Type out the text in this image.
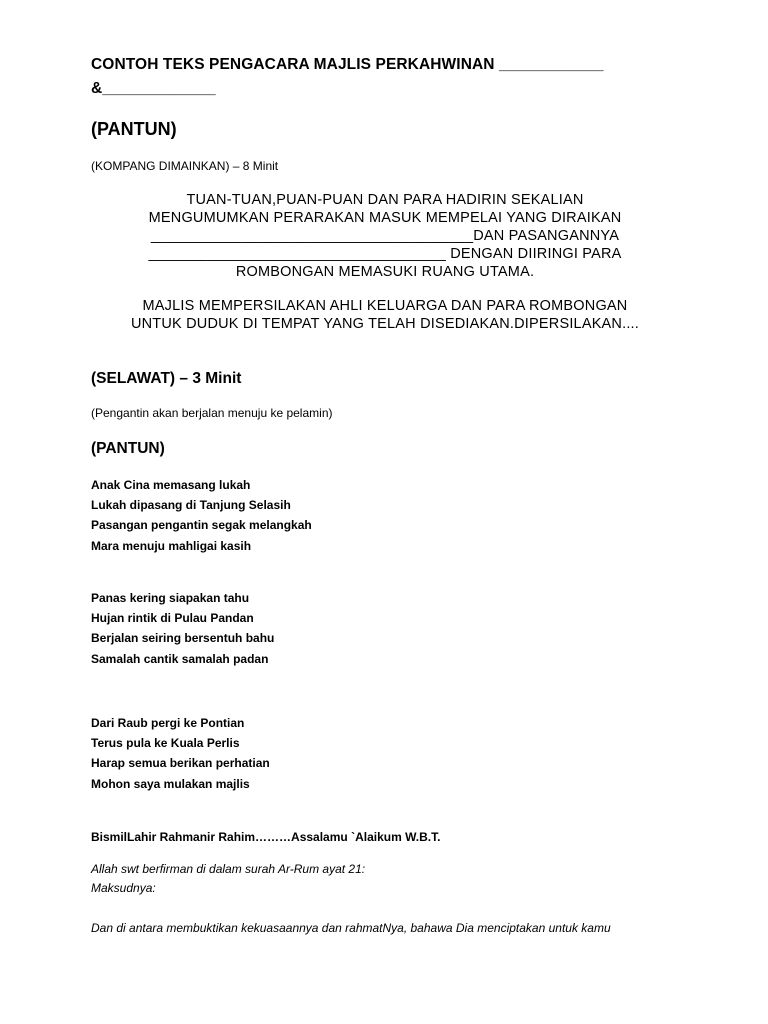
CONTOH TEKS PENGACARA MAJLIS PERKAHWINAN ____________
&_____________
(PANTUN)
(KOMPANG DIMAINKAN) – 8 Minit
TUAN-TUAN,PUAN-PUAN DAN PARA HADIRIN SEKALIAN
MENGUMUMKAN PERARAKAN MASUK MEMPELAI YANG DIRAIKAN
_______________________________________DAN PASANGANNYA
____________________________________ DENGAN DIIRINGI PARA
ROMBONGAN MEMASUKI RUANG UTAMA.
MAJLIS MEMPERSILAKAN AHLI KELUARGA DAN PARA ROMBONGAN
UNTUK DUDUK DI TEMPAT YANG TELAH DISEDIAKAN.DIPERSILAKAN....
(SELAWAT) – 3 Minit
(Pengantin akan berjalan menuju ke pelamin)
(PANTUN)
Anak Cina memasang lukah
Lukah dipasang di Tanjung Selasih
Pasangan pengantin segak melangkah
Mara menuju mahligai kasih
Panas kering siapakan tahu
Hujan rintik di Pulau Pandan
Berjalan seiring bersentuh bahu
Samalah cantik samalah padan
Dari Raub pergi ke Pontian
Terus pula ke Kuala Perlis
Harap semua berikan perhatian
Mohon saya mulakan majlis
BismilLahir Rahmanir Rahim………Assalamu `Alaikum W.B.T.
Allah swt berfirman di dalam surah Ar-Rum ayat 21:
Maksudnya:
Dan di antara membuktikan kekuasaannya dan rahmatNya, bahawa Dia menciptakan untuk kamu
